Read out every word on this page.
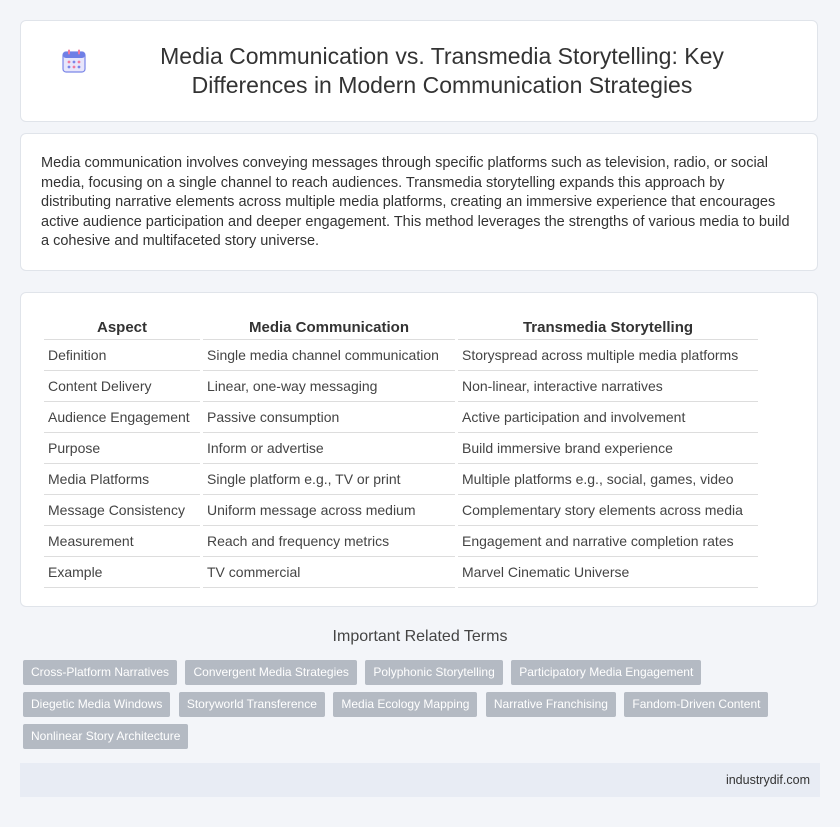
Media Communication vs. Transmedia Storytelling: Key Differences in Modern Communication Strategies

Media communication involves conveying messages through specific platforms such as television, radio, or social media, focusing on a single channel to reach audiences. Transmedia storytelling expands this approach by distributing narrative elements across multiple media platforms, creating an immersive experience that encourages active audience participation and deeper engagement. This method leverages the strengths of various media to build a cohesive and multifaceted story universe.

Aspect	Media Communication	Transmedia Storytelling
Definition	Single media channel communication	Storyspread across multiple media platforms
Content Delivery	Linear, one-way messaging	Non-linear, interactive narratives
Audience Engagement	Passive consumption	Active participation and involvement
Purpose	Inform or advertise	Build immersive brand experience
Media Platforms	Single platform e.g., TV or print	Multiple platforms e.g., social, games, video
Message Consistency	Uniform message across medium	Complementary story elements across media
Measurement	Reach and frequency metrics	Engagement and narrative completion rates
Example	TV commercial	Marvel Cinematic Universe
Important Related Terms
Cross-Platform Narratives Convergent Media Strategies Polyphonic Storytelling Participatory Media Engagement Diegetic Media Windows Storyworld Transference Media Ecology Mapping Narrative Franchising Fandom-Driven Content Nonlinear Story Architecture
industrydif.com
